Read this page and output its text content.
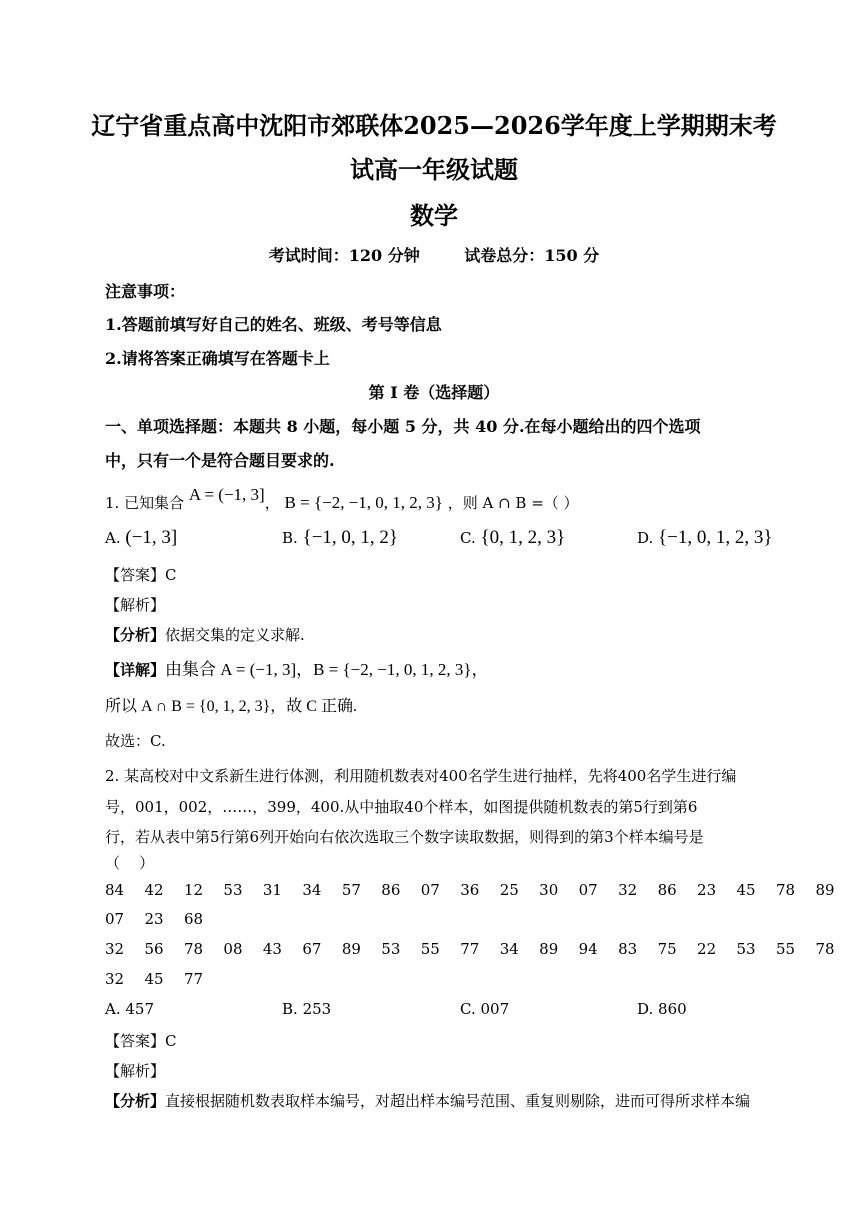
辽宁省重点高中沈阳市郊联体2025—2026学年度上学期期末考
试高一年级试题
数学
考试时间：120 分钟        试卷总分：150 分
注意事项：
1.答题前填写好自己的姓名、班级、考号等信息
2.请将答案正确填写在答题卡上
第 I 卷（选择题）
一、单项选择题：本题共 8 小题，每小题 5 分，共 40 分.在每小题给出的四个选项
中，只有一个是符合题目要求的.
1. 已知集合 A = (−1, 3]， B = {−2, −1, 0, 1, 2, 3} ，则 A ∩ B =（ ）
A. (−1, 3]	B. {−1, 0, 1, 2}	C. {0, 1, 2, 3}	D. {−1, 0, 1, 2, 3}
【答案】C
【解析】
【分析】依据交集的定义求解.
【详解】由集合 A = (−1, 3]，B = {−2, −1, 0, 1, 2, 3}，
所以 A ∩ B = {0, 1, 2, 3}，故 C 正确.
故选：C.
2. 某高校对中文系新生进行体测，利用随机数表对400名学生进行抽样，先将400名学生进行编
号，001，002，……，399，400.从中抽取40个样本，如图提供随机数表的第5行到第6
行，若从表中第5行第6列开始向右依次选取三个数字读取数据，则得到的第3个样本编号是
（    ）
84 42 12 53 31 34 57 86 07 36 25 30 07 32 86 23 45 78 89
07 23 68
32 56 78 08 43 67 89 53 55 77 34 89 94 83 75 22 53 55 78
32 45 77
A. 457	B. 253	C. 007	D. 860
【答案】C
【解析】
【分析】直接根据随机数表取样本编号，对超出样本编号范围、重复则剔除，进而可得所求样本编
